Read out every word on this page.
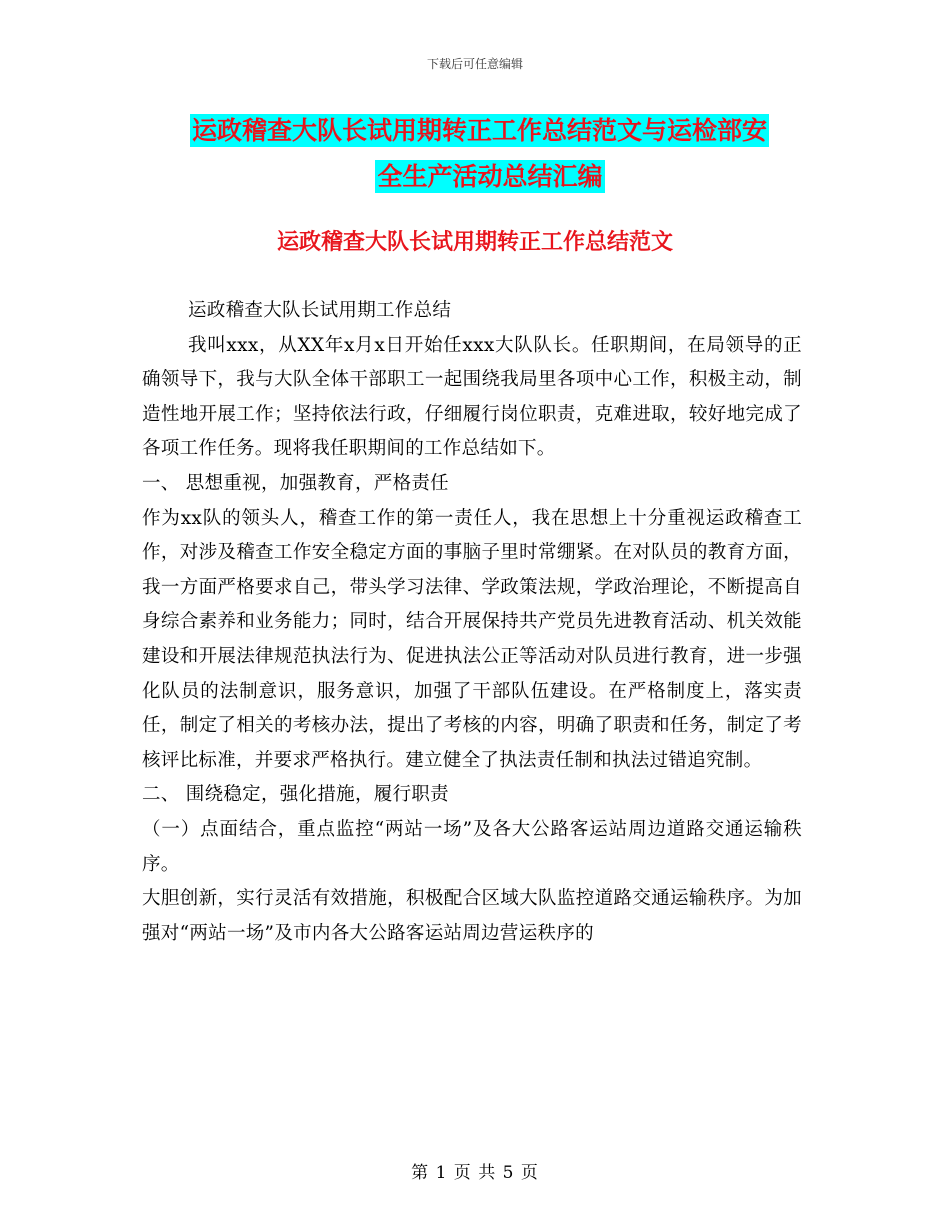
下载后可任意编辑
运政稽查大队长试用期转正工作总结范文与运检部安
全生产活动总结汇编
运政稽查大队长试用期转正工作总结范文

运政稽查大队长试用期工作总结

我叫xxx，从XX年x月x日开始任xxx大队队长。任职期间，在局领导的正确领导下，我与大队全体干部职工一起围绕我局里各项中心工作，积极主动，制造性地开展工作；坚持依法行政，仔细履行岗位职责，克难进取，较好地完成了各项工作任务。现将我任职期间的工作总结如下。

一、 思想重视，加强教育，严格责任

作为xx队的领头人，稽查工作的第一责任人，我在思想上十分重视运政稽查工作，对涉及稽查工作安全稳定方面的事脑子里时常绷紧。在对队员的教育方面，我一方面严格要求自己，带头学习法律、学政策法规，学政治理论，不断提高自身综合素养和业务能力；同时，结合开展保持共产党员先进教育活动、机关效能建设和开展法律规范执法行为、促进执法公正等活动对队员进行教育，进一步强化队员的法制意识，服务意识，加强了干部队伍建设。在严格制度上，落实责任，制定了相关的考核办法，提出了考核的内容，明确了职责和任务，制定了考核评比标准，并要求严格执行。建立健全了执法责任制和执法过错追究制。

二、 围绕稳定，强化措施，履行职责

（一）点面结合，重点监控“两站一场”及各大公路客运站周边道路交通运输秩序。

大胆创新，实行灵活有效措施，积极配合区域大队监控道路交通运输秩序。为加强对“两站一场”及市内各大公路客运站周边营运秩序的

第 1 页 共 5 页
